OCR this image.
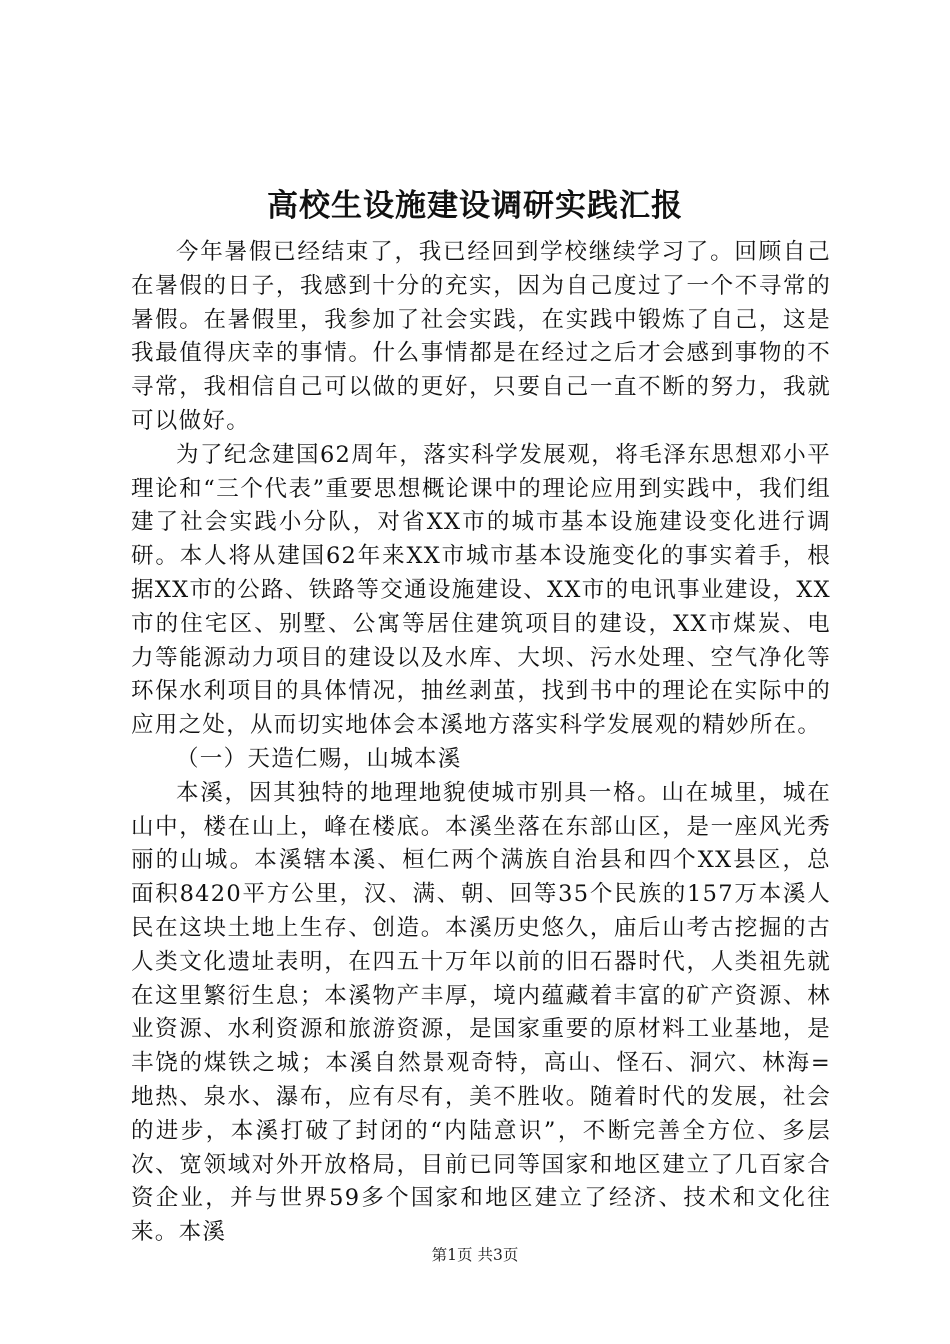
高校生设施建设调研实践汇报

今年暑假已经结束了，我已经回到学校继续学习了。回顾自己在暑假的日子，我感到十分的充实，因为自己度过了一个不寻常的暑假。在暑假里，我参加了社会实践，在实践中锻炼了自己，这是我最值得庆幸的事情。什么事情都是在经过之后才会感到事物的不寻常，我相信自己可以做的更好，只要自己一直不断的努力，我就可以做好。

为了纪念建国62周年，落实科学发展观，将毛泽东思想邓小平理论和“三个代表”重要思想概论课中的理论应用到实践中，我们组建了社会实践小分队，对省XX市的城市基本设施建设变化进行调研。本人将从建国62年来XX市城市基本设施变化的事实着手，根据XX市的公路、铁路等交通设施建设、XX市的电讯事业建设，XX市的住宅区、别墅、公寓等居住建筑项目的建设，XX市煤炭、电力等能源动力项目的建设以及水库、大坝、污水处理、空气净化等环保水利项目的具体情况，抽丝剥茧，找到书中的理论在实际中的应用之处，从而切实地体会本溪地方落实科学发展观的精妙所在。

（一）天造仁赐，山城本溪

本溪，因其独特的地理地貌使城市别具一格。山在城里，城在山中，楼在山上，峰在楼底。本溪坐落在东部山区，是一座风光秀丽的山城。本溪辖本溪、桓仁两个满族自治县和四个XX县区，总面积8420平方公里，汉、满、朝、回等35个民族的157万本溪人民在这块土地上生存、创造。本溪历史悠久，庙后山考古挖掘的古人类文化遗址表明，在四五十万年以前的旧石器时代，人类祖先就在这里繁衍生息；本溪物产丰厚，境内蕴藏着丰富的矿产资源、林业资源、水利资源和旅游资源，是国家重要的原材料工业基地，是丰饶的煤铁之城；本溪自然景观奇特，高山、怪石、洞穴、林海=地热、泉水、瀑布，应有尽有，美不胜收。随着时代的发展，社会的进步，本溪打破了封闭的“内陆意识”，不断完善全方位、多层次、宽领域对外开放格局，目前已同等国家和地区建立了几百家合资企业，并与世界59多个国家和地区建立了经济、技术和文化往来。本溪

第1页 共3页
